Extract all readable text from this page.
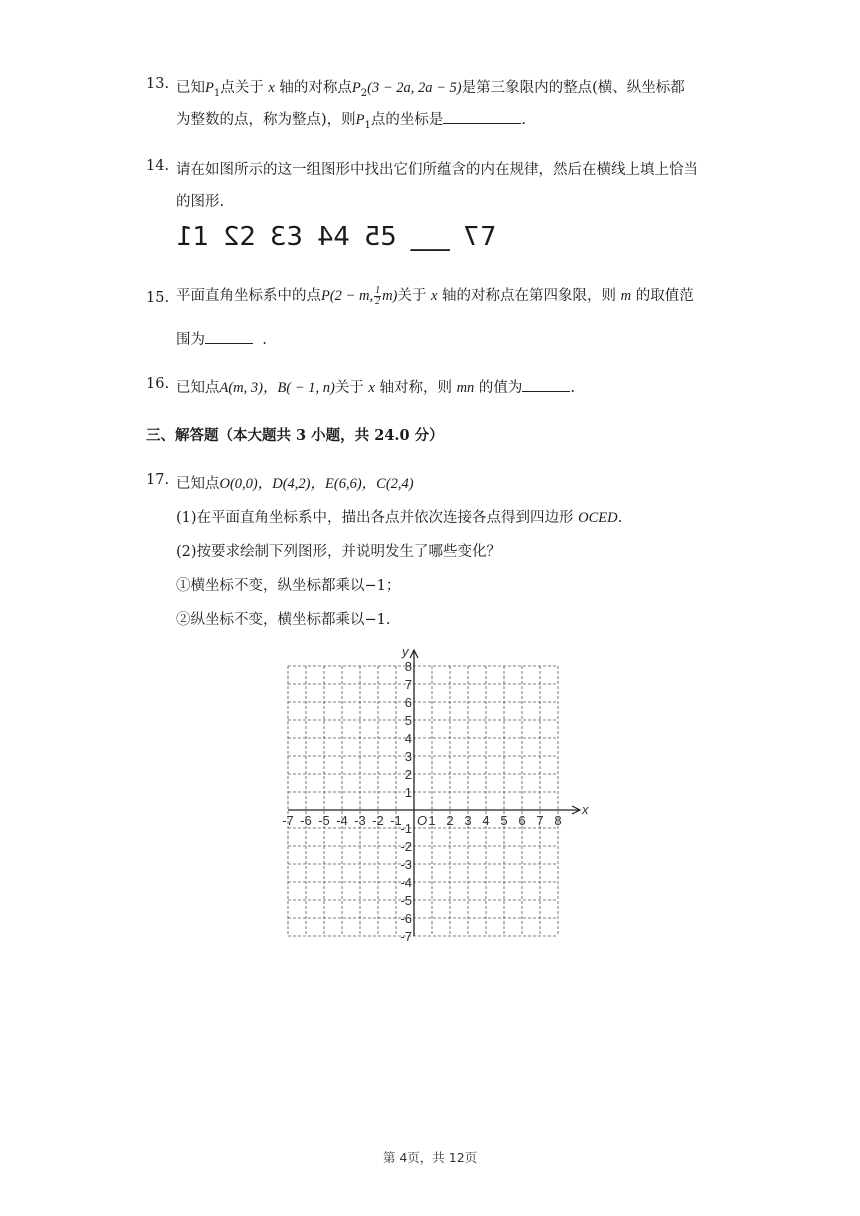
13. 已知$P_1$点关于 x 轴的对称点$P_2(3 - 2a$, 2a − 5)是第三象限内的整点(横、纵坐标都
为整数的点，称为整点)，则$P_1$点的坐标是	.
14. 请在如图所示的这一组图形中找出它们所蕴含的内在规律，然后在横线上填上恰当
的图形.
11 22 33 44 55 ___ 77
15. 平面直角坐标系中的点P(2 − m, $\frac{1}{2} m$)关于 x 轴的对称点在第四象限，则 m 的取值范
围为	.
16. 已知点A(m, 3)，B( − 1, n)关于 x 轴对称，则 mn 的值为	.
三、解答题（本大题共 3 小题，共 24.0 分）
17. 已知点O(0,0)，D(4,2)，E(6,6)，C(2,4)
(1)在平面直角坐标系中，描出各点并依次连接各点得到四边形 OCED.
(2)按要求绘制下列图形，并说明发生了哪些变化？
①横坐标不变，纵坐标都乘以−1；
②纵坐标不变，横坐标都乘以−1.
x
y
O
-7 -6 -5 -4 -3 -2 -1 1 2 3 4 5 6 7 8
8
7
6
5
4
3
2
1
-1
-2
-3
-4
-5
-6
-7
第 4页，共 12页
